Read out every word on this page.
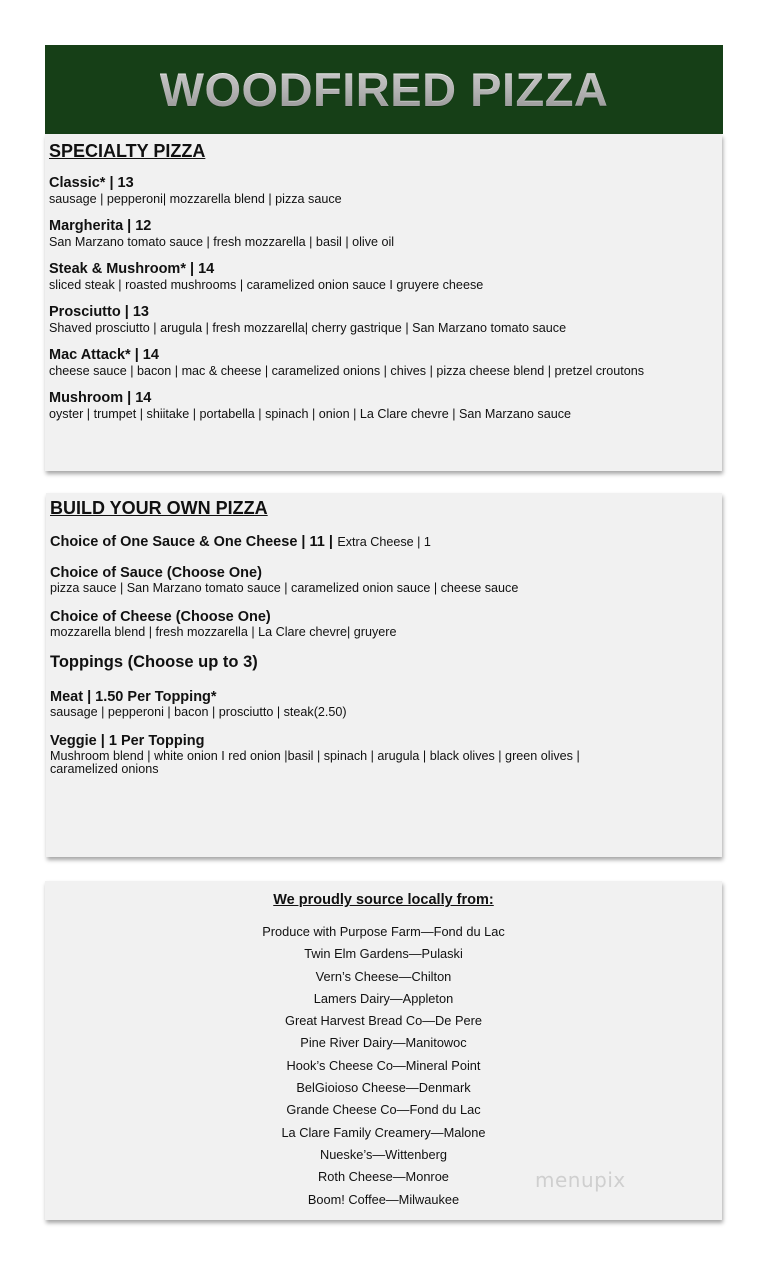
WOODFIRED PIZZA
SPECIALTY PIZZA
Classic* | 13
sausage | pepperoni| mozzarella blend | pizza sauce
Margherita | 12
San Marzano tomato sauce | fresh mozzarella | basil | olive oil
Steak & Mushroom* | 14
sliced steak | roasted mushrooms | caramelized onion sauce I gruyere cheese
Prosciutto | 13
Shaved prosciutto | arugula | fresh mozzarella| cherry gastrique | San Marzano tomato sauce
Mac Attack* | 14
cheese sauce | bacon | mac & cheese | caramelized onions | chives | pizza cheese blend | pretzel croutons
Mushroom | 14
oyster | trumpet | shiitake | portabella | spinach | onion | La Clare chevre | San Marzano sauce
BUILD YOUR OWN PIZZA
Choice of One Sauce & One Cheese | 11 | Extra Cheese | 1
Choice of Sauce (Choose One)
pizza sauce | San Marzano tomato sauce | caramelized onion sauce | cheese sauce
Choice of Cheese (Choose One)
mozzarella blend | fresh mozzarella | La Clare chevre| gruyere
Toppings (Choose up to 3)
Meat | 1.50 Per Topping*
sausage | pepperoni | bacon | prosciutto | steak(2.50)
Veggie | 1 Per Topping
Mushroom blend | white onion I red onion |basil | spinach | arugula | black olives | green olives |
caramelized onions
We proudly source locally from:
Produce with Purpose Farm—Fond du Lac
Twin Elm Gardens—Pulaski
Vern’s Cheese—Chilton
Lamers Dairy—Appleton
Great Harvest Bread Co—De Pere
Pine River Dairy—Manitowoc
Hook’s Cheese Co—Mineral Point
BelGioioso Cheese—Denmark
Grande Cheese Co—Fond du Lac
La Clare Family Creamery—Malone
Nueske’s—Wittenberg
Roth Cheese—Monroe
Boom! Coffee—Milwaukee
menupix
